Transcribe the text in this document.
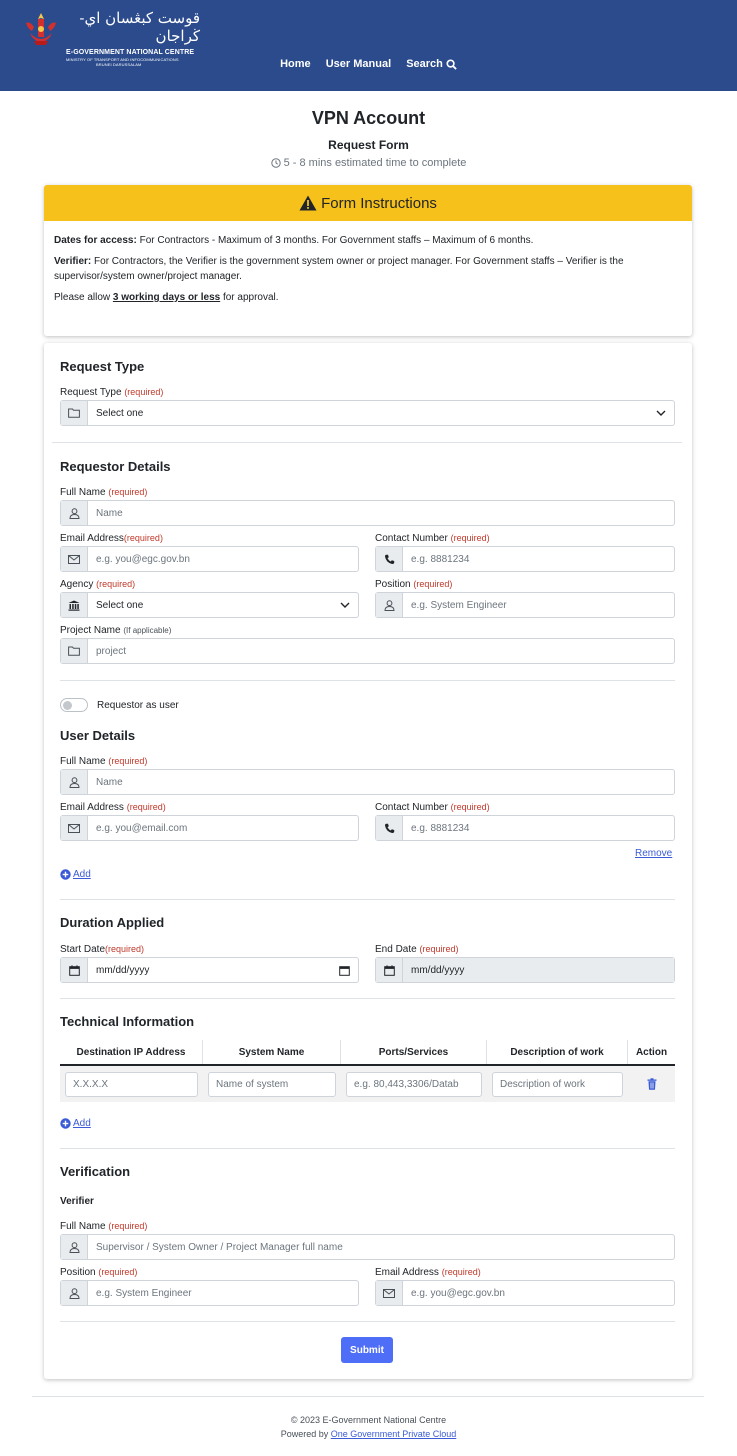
قوست كبڠسان اي-ڬراجان
E-GOVERNMENT NATIONAL CENTRE
MINISTRY OF TRANSPORT AND INFOCOMMUNICATIONS
BRUNEI DARUSSALAM	Home
User Manual
Search
VPN Account
Request Form
5 - 8 mins estimated time to complete
Form Instructions

Dates for access: For Contractors - Maximum of 3 months. For Government staffs – Maximum of 6 months.

Verifier: For Contractors, the Verifier is the government system owner or project manager. For Government staffs – Verifier is the supervisor/system owner/project manager.

Please allow 3 working days or less for approval.

Request Type
Request Type (required)
Select one
Requestor Details
Full Name (required)
Name
Email Address(required)
e.g. you@egc.gov.bn
Contact Number (required)
e.g. 8881234
Agency (required)
Select one
Position (required)
e.g. System Engineer
Project Name (If applicable)
project
Requestor as user
User Details
Full Name (required)
Name
Email Address (required)
e.g. you@email.com
Contact Number (required)
e.g. 8881234
Remove
Add
Duration Applied
Start Date(required)
mm/dd/yyyy
End Date (required)
mm/dd/yyyy
Technical Information
Destination IP Address	System Name	Ports/Services	Description of work	Action
X.X.X.X	Name of system	e.g. 80,443,3306/Datab	Description of work
Add
Verification
Verifier
Full Name (required)
Supervisor / System Owner / Project Manager full name
Position (required)
e.g. System Engineer
Email Address (required)
e.g. you@egc.gov.bn
Submit
© 2023 E-Government National Centre
Powered by One Government Private Cloud
